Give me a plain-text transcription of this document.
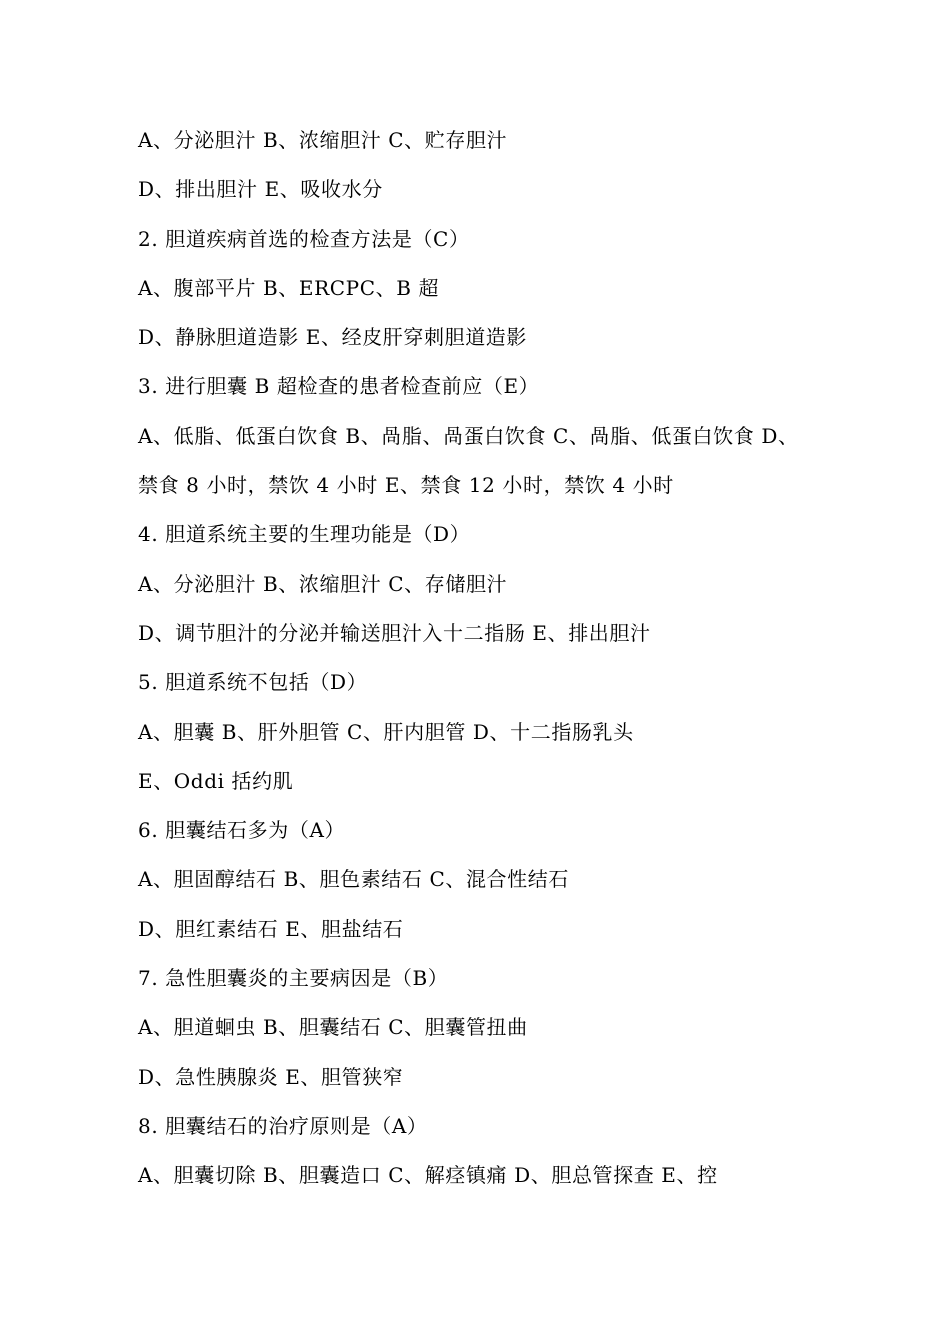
A、分泌胆汁 B、浓缩胆汁 C、贮存胆汁
D、排出胆汁 E、吸收水分
2. 胆道疾病首选的检查方法是（C）
A、腹部平片 B、ERCPC、B 超
D、静脉胆道造影 E、经皮肝穿刺胆道造影
3. 进行胆囊 B 超检查的患者检查前应（E）
A、低脂、低蛋白饮食 B、咼脂、咼蛋白饮食 C、咼脂、低蛋白饮食 D、
禁食 8 小时，禁饮 4 小时 E、禁食 12 小时，禁饮 4 小时
4. 胆道系统主要的生理功能是（D）
A、分泌胆汁 B、浓缩胆汁 C、存储胆汁
D、调节胆汁的分泌并输送胆汁入十二指肠 E、排出胆汁
5. 胆道系统不包括（D）
A、胆囊 B、肝外胆管 C、肝内胆管 D、十二指肠乳头
E、Oddi 括约肌
6. 胆囊结石多为（A）
A、胆固醇结石 B、胆色素结石 C、混合性结石
D、胆红素结石 E、胆盐结石
7. 急性胆囊炎的主要病因是（B）
A、胆道蛔虫 B、胆囊结石 C、胆囊管扭曲
D、急性胰腺炎 E、胆管狭窄
8. 胆囊结石的治疗原则是（A）
A、胆囊切除 B、胆囊造口 C、解痉镇痛 D、胆总管探查 E、控
